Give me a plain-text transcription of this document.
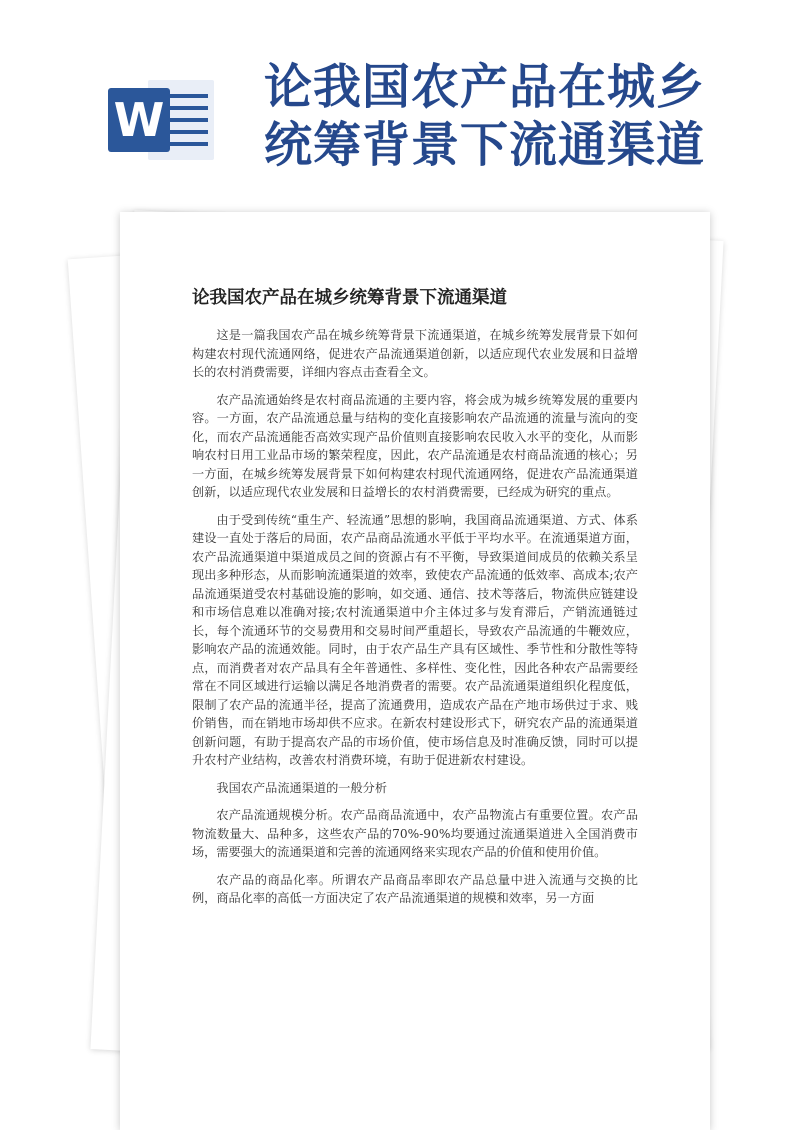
W
论我国农产品在城乡统筹背景下流通渠道
论我国农产品在城乡统筹背景下流通渠道

这是一篇我国农产品在城乡统筹背景下流通渠道，在城乡统筹发展背景下如何构建农村现代流通网络，促进农产品流通渠道创新，以适应现代农业发展和日益增长的农村消费需要，详细内容点击查看全文。

农产品流通始终是农村商品流通的主要内容，将会成为城乡统筹发展的重要内容。一方面，农产品流通总量与结构的变化直接影响农产品流通的流量与流向的变化，而农产品流通能否高效实现产品价值则直接影响农民收入水平的变化，从而影响农村日用工业品市场的繁荣程度，因此，农产品流通是农村商品流通的核心；另一方面，在城乡统筹发展背景下如何构建农村现代流通网络，促进农产品流通渠道创新，以适应现代农业发展和日益增长的农村消费需要，已经成为研究的重点。

由于受到传统“重生产、轻流通”思想的影响，我国商品流通渠道、方式、体系建设一直处于落后的局面，农产品商品流通水平低于平均水平。在流通渠道方面，农产品流通渠道中渠道成员之间的资源占有不平衡，导致渠道间成员的依赖关系呈现出多种形态，从而影响流通渠道的效率，致使农产品流通的低效率、高成本;农产品流通渠道受农村基础设施的影响，如交通、通信、技术等落后，物流供应链建设和市场信息难以准确对接;农村流通渠道中介主体过多与发育滞后，产销流通链过长，每个流通环节的交易费用和交易时间严重超长，导致农产品流通的牛鞭效应，影响农产品的流通效能。同时，由于农产品生产具有区域性、季节性和分散性等特点，而消费者对农产品具有全年普通性、多样性、变化性，因此各种农产品需要经常在不同区域进行运输以满足各地消费者的需要。农产品流通渠道组织化程度低，限制了农产品的流通半径，提高了流通费用，造成农产品在产地市场供过于求、贱价销售，而在销地市场却供不应求。在新农村建设形式下，研究农产品的流通渠道创新问题，有助于提高农产品的市场价值，使市场信息及时准确反馈，同时可以提升农村产业结构，改善农村消费环境，有助于促进新农村建设。

我国农产品流通渠道的一般分析

农产品流通规模分析。农产品商品流通中，农产品物流占有重要位置。农产品物流数量大、品种多，这些农产品的70%-90%均要通过流通渠道进入全国消费市场，需要强大的流通渠道和完善的流通网络来实现农产品的价值和使用价值。

农产品的商品化率。所谓农产品商品率即农产品总量中进入流通与交换的比例，商品化率的高低一方面决定了农产品流通渠道的规模和效率，另一方面
